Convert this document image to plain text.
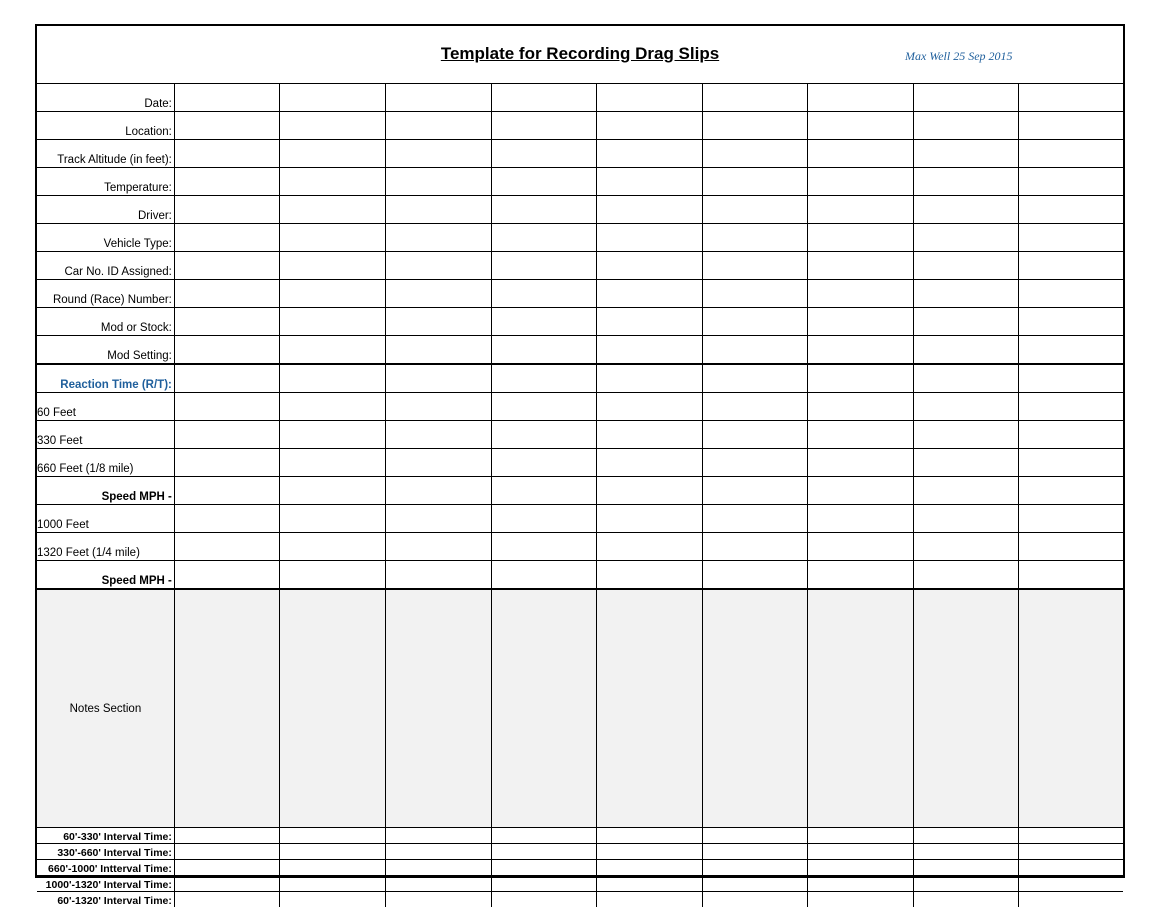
Template for Recording Drag Slips	Max Well 25 Sep 2015
Date:									
Location:									
Track Altitude (in feet):									
Temperature:									
Driver:									
Vehicle Type:									
Car No. ID Assigned:									
Round (Race) Number:									
Mod or Stock:									
Mod Setting:									
Reaction Time (R/T):									
60 Feet									
330 Feet									
660 Feet (1/8 mile)									
Speed MPH -									
1000 Feet									
1320 Feet (1/4 mile)									
Speed MPH -									
Notes Section									
60'-330' Interval Time:									
330'-660' Interval Time:									
660'-1000' Intterval Time:									
1000'-1320' Interval Time:									
60'-1320' Interval Time:									
